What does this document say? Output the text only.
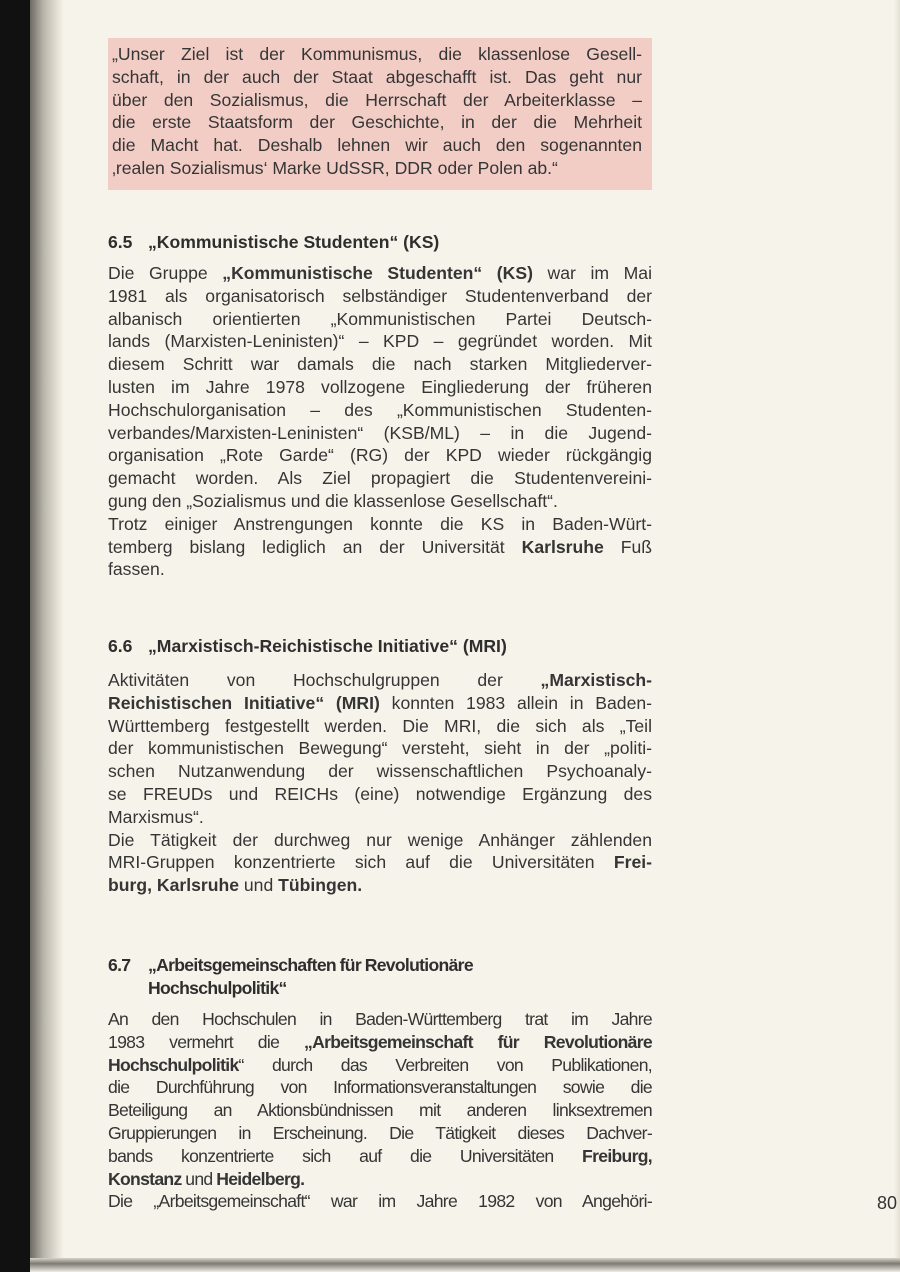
„Unser Ziel ist der Kommunismus, die klassenlose Gesell-
schaft, in der auch der Staat abgeschafft ist. Das geht nur
über den Sozialismus, die Herrschaft der Arbeiterklasse –
die erste Staatsform der Geschichte, in der die Mehrheit
die Macht hat. Deshalb lehnen wir auch den sogenannten
‚realen Sozialismus‘ Marke UdSSR, DDR oder Polen ab.“
6.5 „Kommunistische Studenten“ (KS)
Die Gruppe „Kommunistische Studenten“ (KS) war im Mai
1981 als organisatorisch selbständiger Studentenverband der
albanisch orientierten „Kommunistischen Partei Deutsch-
lands (Marxisten-Leninisten)“ – KPD – gegründet worden. Mit
diesem Schritt war damals die nach starken Mitgliederver-
lusten im Jahre 1978 vollzogene Eingliederung der früheren
Hochschulorganisation – des „Kommunistischen Studenten-
verbandes/Marxisten-Leninisten“ (KSB/ML) – in die Jugend-
organisation „Rote Garde“ (RG) der KPD wieder rückgängig
gemacht worden. Als Ziel propagiert die Studentenvereini-
gung den „Sozialismus und die klassenlose Gesellschaft“.
Trotz einiger Anstrengungen konnte die KS in Baden-Würt-
temberg bislang lediglich an der Universität Karlsruhe Fuß
fassen.
6.6 „Marxistisch-Reichistische Initiative“ (MRI)
Aktivitäten von Hochschulgruppen der „Marxistisch-
Reichistischen Initiative“ (MRI) konnten 1983 allein in Baden-
Württemberg festgestellt werden. Die MRI, die sich als „Teil
der kommunistischen Bewegung“ versteht, sieht in der „politi-
schen Nutzanwendung der wissenschaftlichen Psychoanaly-
se FREUDs und REICHs (eine) notwendige Ergänzung des
Marxismus“.
Die Tätigkeit der durchweg nur wenige Anhänger zählenden
MRI-Gruppen konzentrierte sich auf die Universitäten Frei-
burg, Karlsruhe und Tübingen.
6.7 „Arbeitsgemeinschaften für Revolutionäre
Hochschulpolitik“
An den Hochschulen in Baden-Württemberg trat im Jahre
1983 vermehrt die „Arbeitsgemeinschaft für Revolutionäre
Hochschulpolitik“ durch das Verbreiten von Publikationen,
die Durchführung von Informationsveranstaltungen sowie die
Beteiligung an Aktionsbündnissen mit anderen linksextremen
Gruppierungen in Erscheinung. Die Tätigkeit dieses Dachver-
bands konzentrierte sich auf die Universitäten Freiburg,
Konstanz und Heidelberg.
Die „Arbeitsgemeinschaft“ war im Jahre 1982 von Angehöri-	80
